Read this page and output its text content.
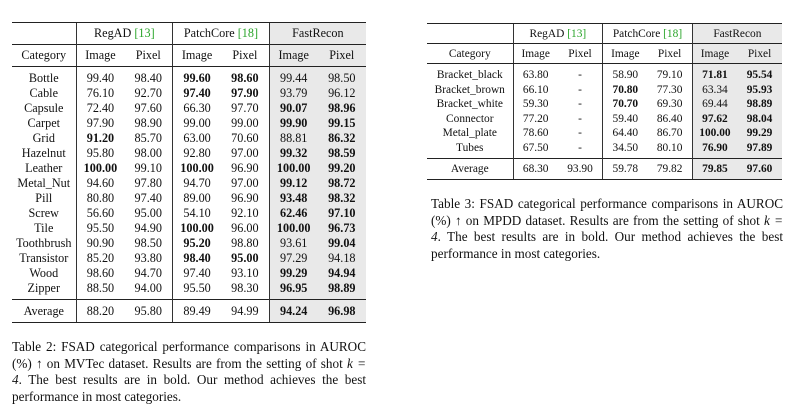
	RegAD [13]		PatchCore [18]		FastRecon	
Category	Image	Pixel	Image	Pixel	Image	Pixel
Bottle	99.40	98.40	99.60	98.60	99.44	98.50
Cable	76.10	92.70	97.40	97.90	93.79	96.12
Capsule	72.40	97.60	66.30	97.70	90.07	98.96
Carpet	97.90	98.90	99.00	99.00	99.90	99.15
Grid	91.20	85.70	63.00	70.60	88.81	86.32
Hazelnut	95.80	98.00	92.80	97.00	99.32	98.59
Leather	100.00	99.10	100.00	96.90	100.00	99.20
Metal_Nut	94.60	97.80	94.70	97.00	99.12	98.72
Pill	80.80	97.40	89.00	96.90	93.48	98.32
Screw	56.60	95.00	54.10	92.10	62.46	97.10
Tile	95.50	94.90	100.00	96.00	100.00	96.73
Toothbrush	90.90	98.50	95.20	98.80	93.61	99.04
Transistor	85.20	93.80	98.40	95.00	97.29	94.18
Wood	98.60	94.70	97.40	93.10	99.29	94.94
Zipper	88.50	94.00	95.50	98.30	96.95	98.89
Average	88.20	95.80	89.49	94.99	94.24	96.98
Table 2: FSAD categorical performance comparisons in AUROC (%) ↑ on MVTec dataset. Results are from the setting of shot k = 4. The best results are in bold. Our method achieves the best performance in most categories.
	RegAD [13]		PatchCore [18]		FastRecon	
Category	Image	Pixel	Image	Pixel	Image	Pixel
Bracket_black	63.80	-	58.90	79.10	71.81	95.54
Bracket_brown	66.10	-	70.80	77.30	63.34	95.93
Bracket_white	59.30	-	70.70	69.30	69.44	98.89
Connector	77.20	-	59.40	86.40	97.62	98.04
Metal_plate	78.60	-	64.40	86.70	100.00	99.29
Tubes	67.50	-	34.50	80.10	76.90	97.89
Average	68.30	93.90	59.78	79.82	79.85	97.60
Table 3: FSAD categorical performance comparisons in AUROC (%) ↑ on MPDD dataset. Results are from the setting of shot k = 4. The best results are in bold. Our method achieves the best performance in most categories.
